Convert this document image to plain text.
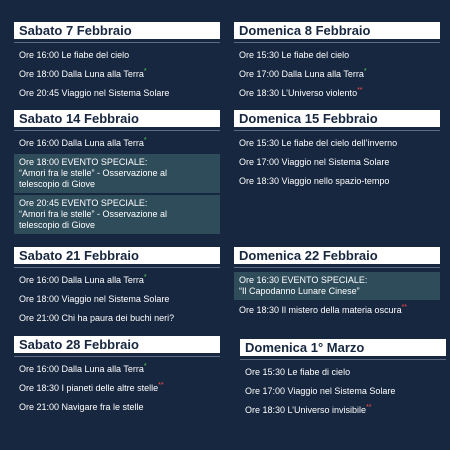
Sabato 7 Febbraio
Ore 16:00 Le fiabe del cielo
Ore 18:00 Dalla Luna alla Terra*
Ore 20:45 Viaggio nel Sistema Solare
Domenica 8 Febbraio
Ore 15:30 Le fiabe del cielo
Ore 17:00 Dalla Luna alla Terra*
Ore 18:30 L’Universo violento**
Sabato 14 Febbraio
Ore 16:00 Dalla Luna alla Terra*
Ore 18:00 EVENTO SPECIALE:
“Amori fra le stelle” - Osservazione al
telescopio di Giove
Ore 20:45 EVENTO SPECIALE:
“Amori fra le stelle” - Osservazione al
telescopio di Giove
Domenica 15 Febbraio
Ore 15:30 Le fiabe del cielo dell’inverno
Ore 17:00 Viaggio nel Sistema Solare
Ore 18:30 Viaggio nello spazio-tempo
Sabato 21 Febbraio
Ore 16:00 Dalla Luna alla Terra*
Ore 18:00 Viaggio nel Sistema Solare
Ore 21:00 Chi ha paura dei buchi neri?
Domenica 22 Febbraio
Ore 16:30 EVENTO SPECIALE:
“Il Capodanno Lunare Cinese”
Ore 18:30 Il mistero della materia oscura**
Sabato 28 Febbraio
Ore 16:00 Dalla Luna alla Terra*
Ore 18:30 I pianeti delle altre stelle**
Ore 21:00 Navigare fra le stelle
Domenica 1° Marzo
Ore 15:30 Le fiabe di cielo
Ore 17:00 Viaggio nel Sistema Solare
Ore 18:30 L’Universo invisibile**
